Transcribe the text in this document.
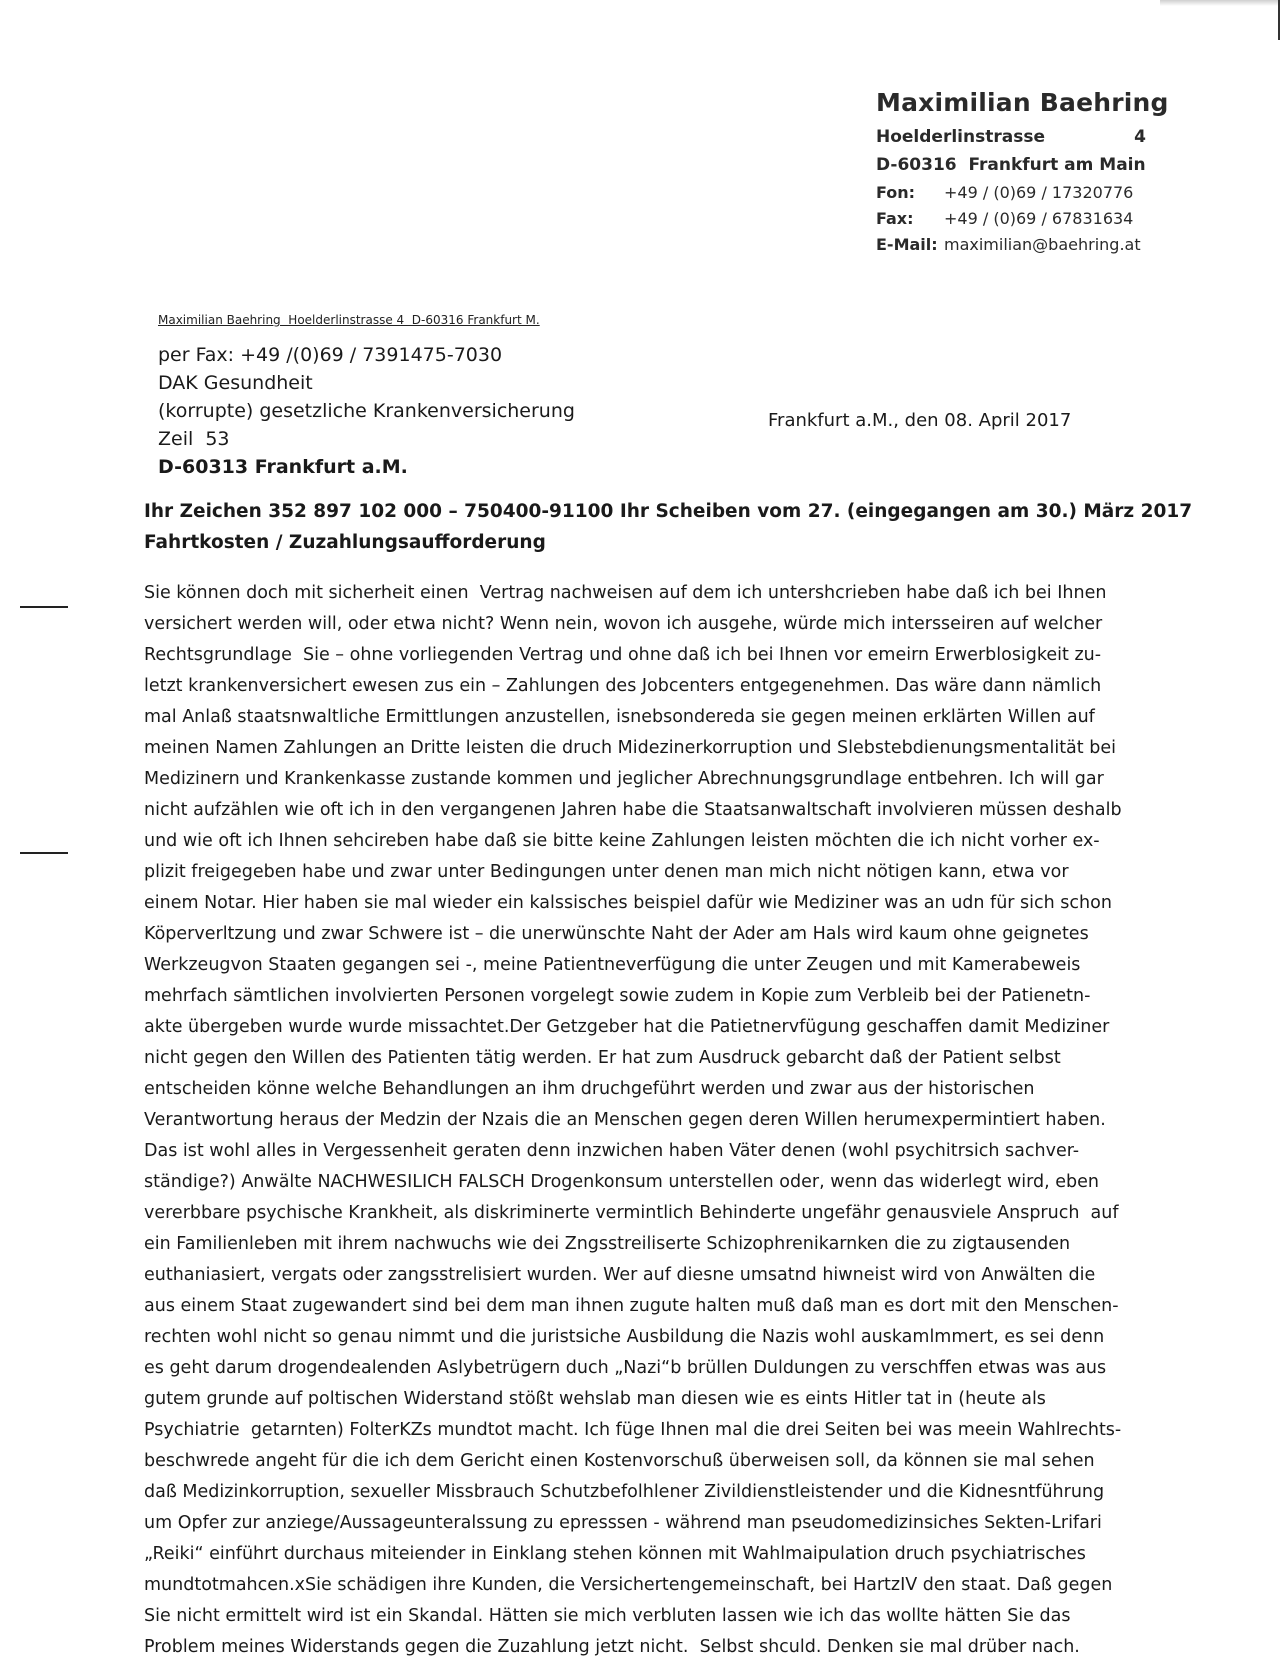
Maximilian Baehring
Hoelderlinstrasse	4
D-60316  Frankfurt am Main
Fon:	+49 / (0)69 / 17320776
Fax:	+49 / (0)69 / 67831634
E-Mail: maximilian@baehring.at
Maximilian Baehring  Hoelderlinstrasse 4  D-60316 Frankfurt M.
per Fax: +49 /(0)69 / 7391475-7030
DAK Gesundheit
(korrupte) gesetzliche Krankenversicherung
Zeil  53
D-60313 Frankfurt a.M.
Frankfurt a.M., den 08. April 2017
Ihr Zeichen 352 897 102 000 – 750400-91100 Ihr Scheiben vom 27. (eingegangen am 30.) März 2017
Fahrtkosten / Zuzahlungsaufforderung
Sie können doch mit sicherheit einen  Vertrag nachweisen auf dem ich untershcrieben habe daß ich bei Ihnen
versichert werden will, oder etwa nicht? Wenn nein, wovon ich ausgehe, würde mich intersseiren auf welcher
Rechtsgrundlage  Sie – ohne vorliegenden Vertrag und ohne daß ich bei Ihnen vor emeirn Erwerblosigkeit zu-
letzt krankenversichert ewesen zus ein – Zahlungen des Jobcenters entgegenehmen. Das wäre dann nämlich
mal Anlaß staatsnwaltliche Ermittlungen anzustellen, isnebsondereda sie gegen meinen erklärten Willen auf
meinen Namen Zahlungen an Dritte leisten die druch Midezinerkorruption und Slebstebdienungsmentalität bei
Medizinern und Krankenkasse zustande kommen und jeglicher Abrechnungsgrundlage entbehren. Ich will gar
nicht aufzählen wie oft ich in den vergangenen Jahren habe die Staatsanwaltschaft involvieren müssen deshalb
und wie oft ich Ihnen sehcireben habe daß sie bitte keine Zahlungen leisten möchten die ich nicht vorher ex-
plizit freigegeben habe und zwar unter Bedingungen unter denen man mich nicht nötigen kann, etwa vor
einem Notar. Hier haben sie mal wieder ein kalssisches beispiel dafür wie Mediziner was an udn für sich schon
Köperverltzung und zwar Schwere ist – die unerwünschte Naht der Ader am Hals wird kaum ohne geignetes
Werkzeugvon Staaten gegangen sei -, meine Patientneverfügung die unter Zeugen und mit Kamerabeweis
mehrfach sämtlichen involvierten Personen vorgelegt sowie zudem in Kopie zum Verbleib bei der Patienetn-
akte übergeben wurde wurde missachtet.Der Getzgeber hat die Patietnervfügung geschaffen damit Mediziner
nicht gegen den Willen des Patienten tätig werden. Er hat zum Ausdruck gebarcht daß der Patient selbst
entscheiden könne welche Behandlungen an ihm druchgeführt werden und zwar aus der historischen
Verantwortung heraus der Medzin der Nzais die an Menschen gegen deren Willen herumexpermintiert haben.
Das ist wohl alles in Vergessenheit geraten denn inzwichen haben Väter denen (wohl psychitrsich sachver-
ständige?) Anwälte NACHWESILICH FALSCH Drogenkonsum unterstellen oder, wenn das widerlegt wird, eben
vererbbare psychische Krankheit, als diskriminerte vermintlich Behinderte ungefähr genausviele Anspruch  auf
ein Familienleben mit ihrem nachwuchs wie dei Zngsstreiliserte Schizophrenikarnken die zu zigtausenden
euthaniasiert, vergats oder zangsstrelisiert wurden. Wer auf diesne umsatnd hiwneist wird von Anwälten die
aus einem Staat zugewandert sind bei dem man ihnen zugute halten muß daß man es dort mit den Menschen-
rechten wohl nicht so genau nimmt und die juristsiche Ausbildung die Nazis wohl auskamlmmert, es sei denn
es geht darum drogendealenden Aslybetrügern duch „Nazi“b brüllen Duldungen zu verschffen etwas was aus
gutem grunde auf poltischen Widerstand stößt wehslab man diesen wie es eints Hitler tat in (heute als
Psychiatrie  getarnten) FolterKZs mundtot macht. Ich füge Ihnen mal die drei Seiten bei was meein Wahlrechts-
beschwrede angeht für die ich dem Gericht einen Kostenvorschuß überweisen soll, da können sie mal sehen
daß Medizinkorruption, sexueller Missbrauch Schutzbefolhlener Zivildienstleistender und die Kidnesntführung
um Opfer zur anziege/Aussageunteralssung zu epresssen - während man pseudomedizinsiches Sekten-Lrifari
„Reiki“ einführt durchaus miteiender in Einklang stehen können mit Wahlmaipulation druch psychiatrisches
mundtotmahcen.xSie schädigen ihre Kunden, die Versichertengemeinschaft, bei HartzIV den staat. Daß gegen
Sie nicht ermittelt wird ist ein Skandal. Hätten sie mich verbluten lassen wie ich das wollte hätten Sie das
Problem meines Widerstands gegen die Zuzahlung jetzt nicht.  Selbst shculd. Denken sie mal drüber nach.
